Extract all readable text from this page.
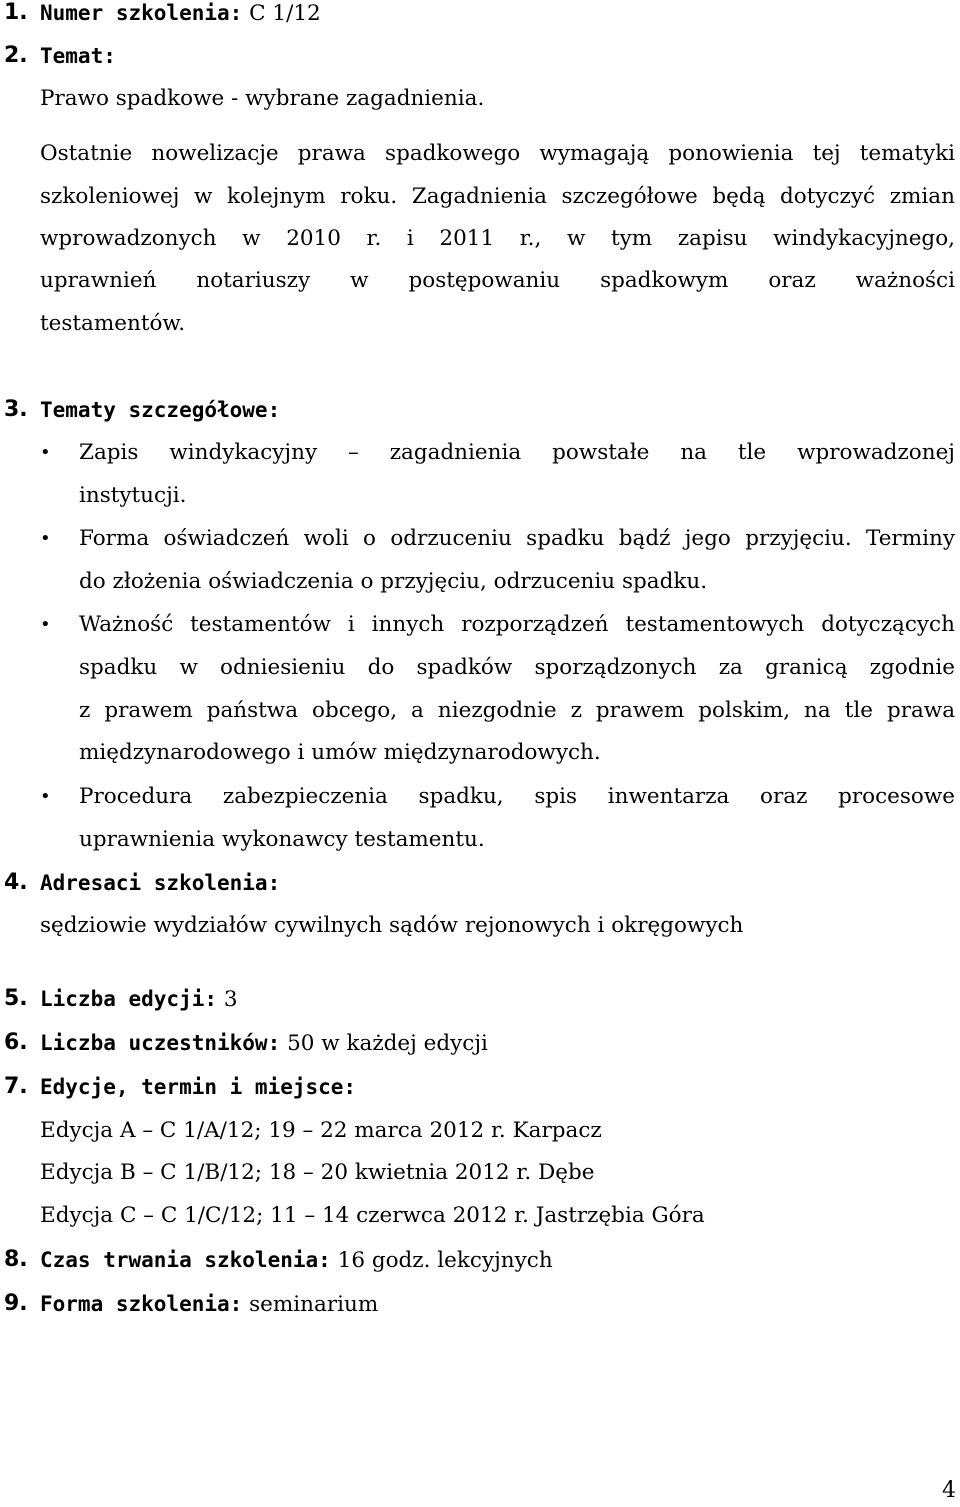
1. Numer szkolenia: C 1/12
2. Temat:
Prawo spadkowe - wybrane zagadnienia.
Ostatnie nowelizacje prawa spadkowego wymagają ponowienia tej tematyki
szkoleniowej w kolejnym roku. Zagadnienia szczegółowe będą dotyczyć zmian
wprowadzonych w 2010 r. i 2011 r., w tym zapisu windykacyjnego,
uprawnień notariuszy w postępowaniu spadkowym oraz ważności
testamentów.
3. Tematy szczegółowe:
• Zapis windykacyjny – zagadnienia powstałe na tle wprowadzonej
instytucji.
• Forma oświadczeń woli o odrzuceniu spadku bądź jego przyjęciu. Terminy
do złożenia oświadczenia o przyjęciu, odrzuceniu spadku.
• Ważność testamentów i innych rozporządzeń testamentowych dotyczących
spadku w odniesieniu do spadków sporządzonych za granicą zgodnie
z prawem państwa obcego, a niezgodnie z prawem polskim, na tle prawa
międzynarodowego i umów międzynarodowych.
• Procedura zabezpieczenia spadku, spis inwentarza oraz procesowe
uprawnienia wykonawcy testamentu.
4. Adresaci szkolenia:
sędziowie wydziałów cywilnych sądów rejonowych i okręgowych
5. Liczba edycji: 3
6. Liczba uczestników: 50 w każdej edycji
7. Edycje, termin i miejsce:
Edycja A – C 1/A/12; 19 – 22 marca 2012 r. Karpacz
Edycja B – C 1/B/12; 18 – 20 kwietnia 2012 r. Dębe
Edycja C – C 1/C/12; 11 – 14 czerwca 2012 r. Jastrzębia Góra
8. Czas trwania szkolenia: 16 godz. lekcyjnych
9. Forma szkolenia: seminarium
4
